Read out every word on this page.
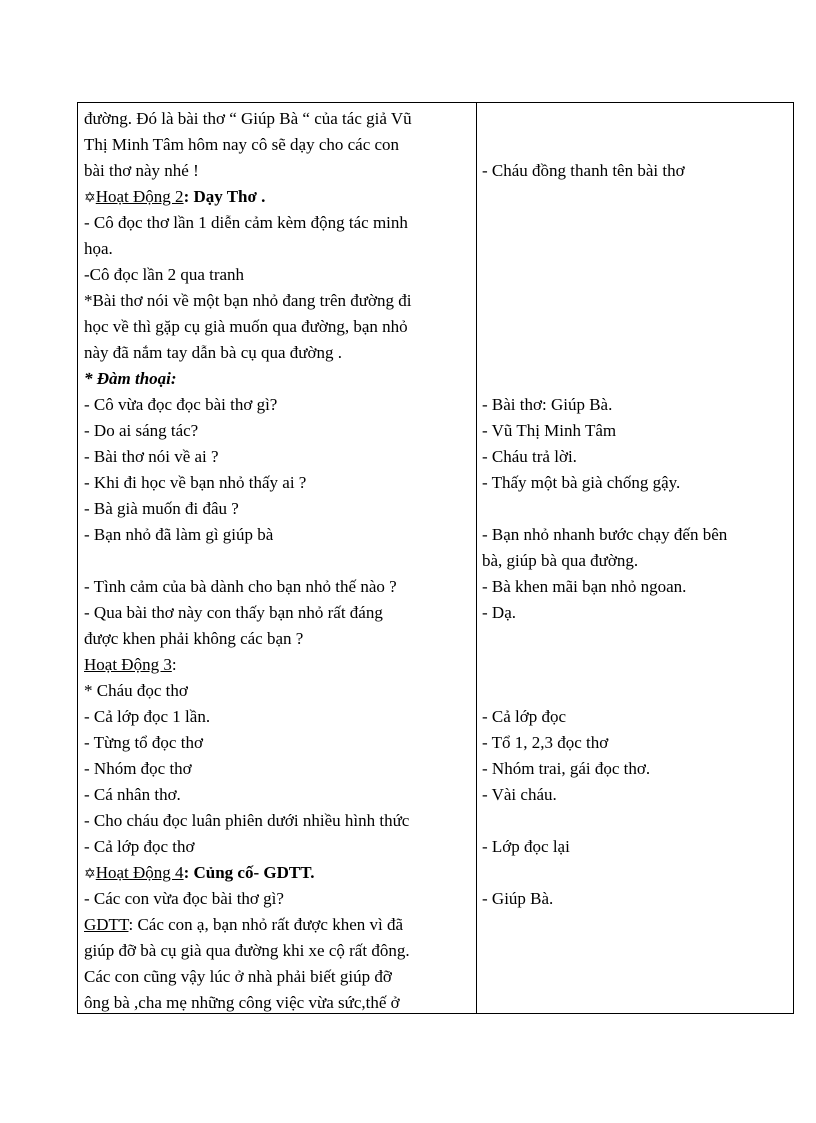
đường. Đó là bài thơ “ Giúp Bà “ của tác giả Vũ
Thị Minh Tâm hôm nay cô sẽ dạy cho các con
bài thơ này nhé !
✡Hoạt Động 2: Dạy Thơ .
- Cô đọc thơ lần 1 diễn cảm kèm động tác minh
họa.
-Cô đọc lần 2 qua tranh
*Bài thơ nói về một bạn nhỏ đang trên đường đi
học về thì gặp cụ già muốn qua đường, bạn nhỏ
này đã nắm tay dẫn bà cụ qua đường .
* Đàm thoại:
- Cô vừa đọc đọc bài thơ gì?
- Do ai sáng tác?
- Bài thơ nói về ai ?
- Khi đi học về bạn nhỏ thấy ai ?
- Bà già muốn đi đâu ?
- Bạn nhỏ đã làm gì giúp bà
- Tình cảm của bà dành cho bạn nhỏ thế nào ?
- Qua bài thơ này con thấy bạn nhỏ rất đáng
được khen phải không các bạn ?
Hoạt Động 3:
* Cháu đọc thơ
- Cả lớp đọc 1 lần.
- Từng tổ đọc thơ
- Nhóm đọc thơ
- Cá nhân thơ.
- Cho cháu đọc luân phiên dưới nhiều hình thức
- Cả lớp đọc thơ
✡Hoạt Động 4: Củng cố- GDTT.
- Các con vừa đọc bài thơ gì?
GDTT: Các con ạ, bạn nhỏ rất được khen vì đã
giúp đỡ bà cụ già qua đường khi xe cộ rất đông.
Các con cũng vậy lúc ở nhà phải biết giúp đỡ
ông bà ,cha mẹ những công việc vừa sức,thế ở
- Cháu đồng thanh tên bài thơ
- Bài thơ: Giúp Bà.
- Vũ Thị Minh Tâm
- Cháu trả lời.
- Thấy một bà già chống gậy.
- Bạn nhỏ nhanh bước chạy đến bên
bà, giúp bà qua đường.
- Bà khen mãi bạn nhỏ ngoan.
- Dạ.
- Cả lớp đọc
- Tổ 1, 2,3 đọc thơ
- Nhóm trai, gái đọc thơ.
- Vài cháu.
- Lớp đọc lại
- Giúp Bà.
